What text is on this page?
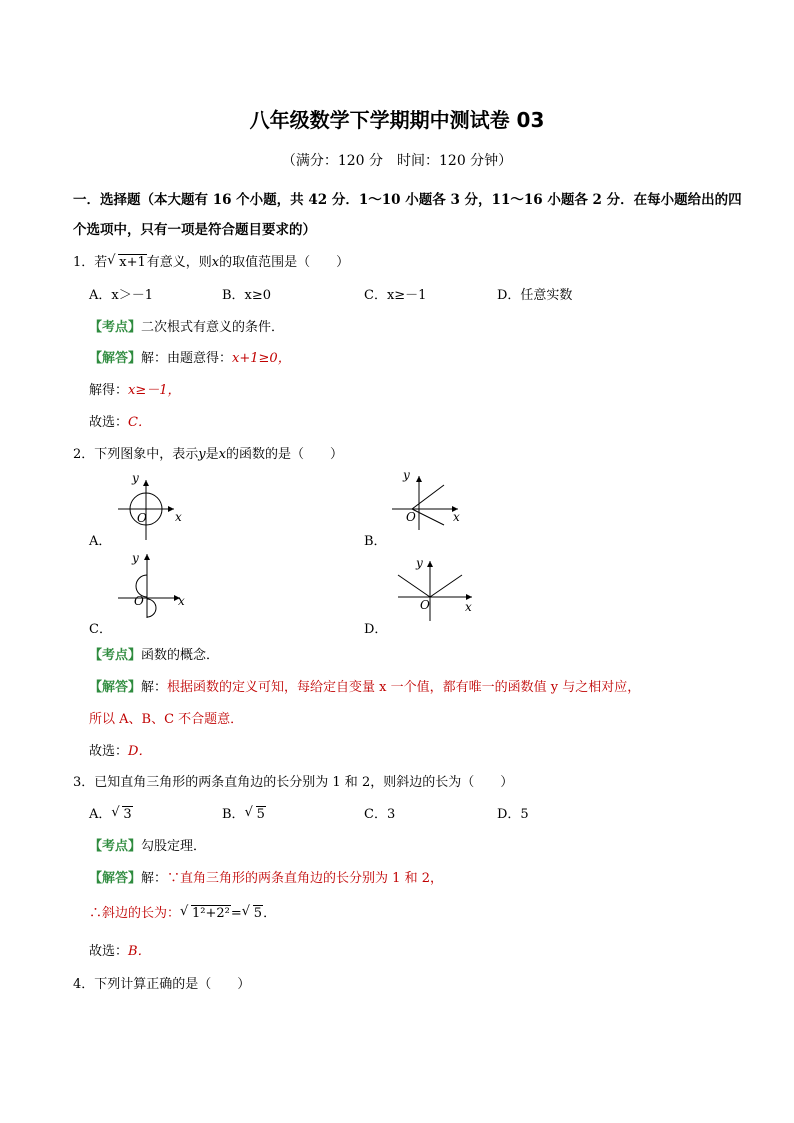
八年级数学下学期期中测试卷 03
（满分：120 分　时间：120 分钟）
一．选择题（本大题有 16 个小题，共 42 分．1～10 小题各 3 分，11～16 小题各 2 分．在每小题给出的四
个选项中，只有一项是符合题目要求的）
1．若 √ x+1有意义，则x的取值范围是（　　）
A．x＞－1	B．x≥0	C．x≥－1	D．任意实数
【考点】二次根式有意义的条件．
【解答】解：由题意得：x+1≥0，
解得：x≥－1，
故选：C．
2．下列图象中，表示y是x的函数的是（　　）
x
y
O
A．
x
y
O
B．
x
y
O
C．
x
y
O
D．
【考点】函数的概念．
【解答】解：根据函数的定义可知，每给定自变量 x 一个值，都有唯一的函数值 y 与之相对应，
所以 A、B、C 不合题意．
故选：D．
3．已知直角三角形的两条直角边的长分别为 1 和 2，则斜边的长为（　　）
A． √ 3	B． √ 5	C．3	D．5
【考点】勾股定理．
【解答】解：∵直角三角形的两条直角边的长分别为 1 和 2，
∴斜边的长为： √ 1²+2²= √ 5．
故选：B．
4．下列计算正确的是（　　）
